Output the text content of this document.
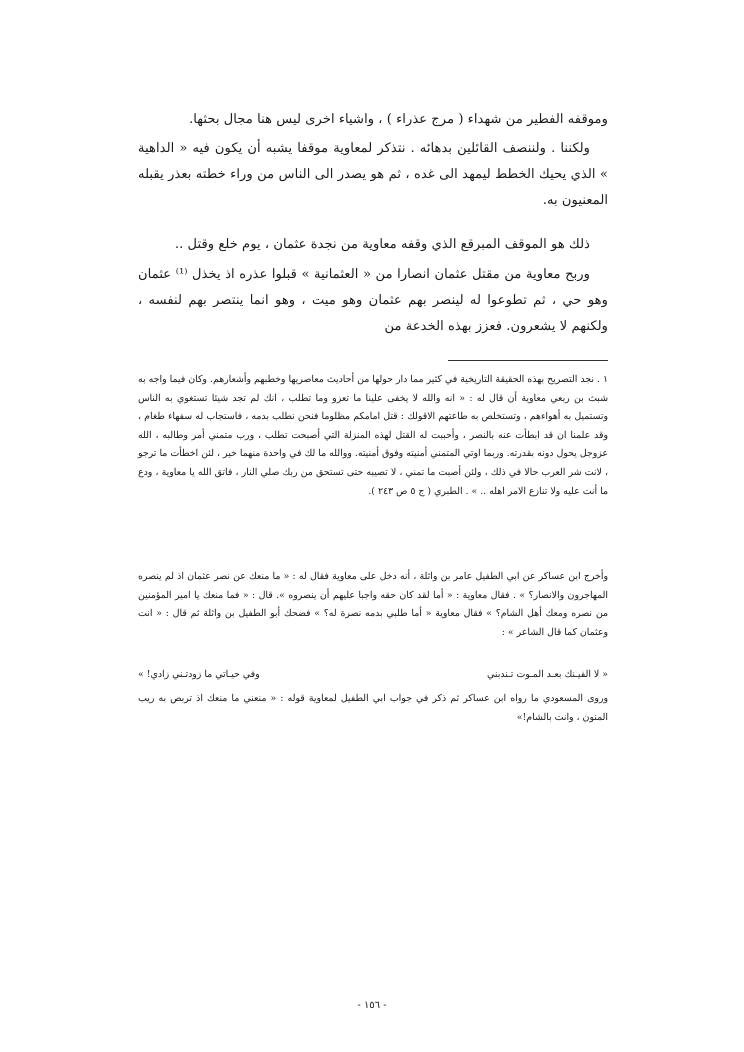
وموقفه الفطير من شهداء ( مرج عذراء ) ، واشياء اخرى ليس هنا مجال بحثها.

ولكننا . ولننصف القائلين بدهائه . نتذكر لمعاوية موقفا يشبه أن يكون فيه « الداهية » الذي يحيك الخطط ليمهد الى غده ، ثم هو يصدر الى الناس من وراء خطته بعذر يقبله المعنيون به.

ذلك هو الموقف المبرقع الذي وقفه معاوية من نجدة عثمان ، يوم خلع وقتل ..

وربح معاوية من مقتل عثمان انصارا من « العثمانية » قبلوا عذره اذ يخذل ⁽¹⁾ عثمان وهو حي ، ثم تطوعوا له لينصر بهم عثمان وهو ميت ، وهو انما ينتصر بهم لنفسه ، ولكنهم لا يشعرون. فعزز بهذه الخدعة من

١ . نجد التصريح بهذه الحقيقة التاريخية في كثير مما دار حولها من أحاديث معاصريها وخطبهم وأشعارهم. وكان فيما واجه به شبث بن ربعي معاوية أن قال له : « انه والله لا يخفى علينا ما تعزو وما تطلب ، انك لم تجد شيئا تستغوي به الناس وتستميل به أهواءهم ، وتستخلص به طاعتهم الاقولك : قتل امامكم مظلوما فنحن نطلب بدمه ، فاستجاب له سفهاء طغام ، وقد علمنا ان قد ابطأت عنه بالنصر ، وأحببت له القتل لهذه المنزلة التي أصبحت تطلب ، ورب متمني أمر وطالبه ، الله عزوجل يحول دونه بقدرته. وربما اوتي المتمني أمنيته وفوق أمنيته. ووالله ما لك في واحدة منهما خير ، لئن اخطأت ما ترجو ، لانت شر العرب حالا في ذلك ، ولئن أصبت ما تمني ، لا تصيبه حتى تستحق من ربك صلي النار ، فاتق الله يا معاوية ، ودع ما أنت عليه ولا تنازع الامر اهله .. » . الطبري ( ج ٥ ص ٢٤٣ ).

وأخرج ابن عساكر عن ابي الطفيل عامر بن واثلة ، أنه دخل على معاوية فقال له : « ما منعك عن نصر عثمان اذ لم ينصره المهاجرون والانصار؟ » . فقال معاوية : « أما لقد كان حقه واجبا عليهم أن ينصروه ». قال : « فما منعك يا امير المؤمنين من نصره ومعك أهل الشام؟ » فقال معاوية « أما طلبي بدمه نصرة له؟ » فضحك أبو الطفيل بن واثلة ثم قال : « انت وعثمان كما قال الشاعر » :

« لا الفيـنك بعـد المـوت تـندبني
وفي حيـاتي ما زودتـني زادي! »

وروى المسعودي ما رواه ابن عساكر ثم ذكر في جواب ابي الطفيل لمعاوية قوله : « منعني ما منعك اذ تربص به ريب المنون ، وانت بالشام!»

- ١٥٦ -
